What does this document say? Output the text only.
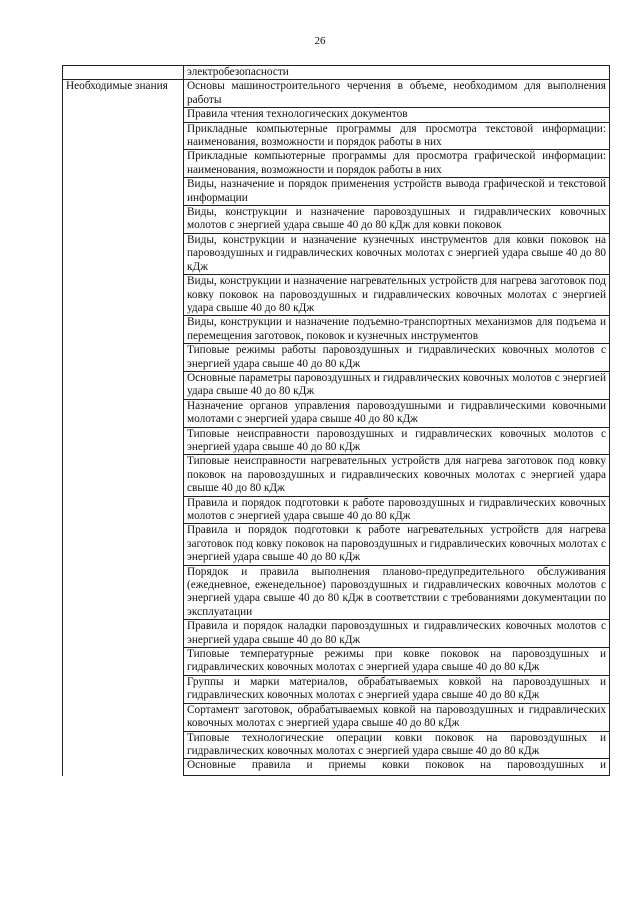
26
	электробезопасности
Необходимые знания	Основы машиностроительного черчения в объеме, необходимом для выполнения работы
	Правила чтения технологических документов
	Прикладные компьютерные программы для просмотра текстовой информации: наименования, возможности и порядок работы в них
	Прикладные компьютерные программы для просмотра графической информации: наименования, возможности и порядок работы в них
	Виды, назначение и порядок применения устройств вывода графической и текстовой информации
	Виды, конструкции и назначение паровоздушных и гидравлических ковочных молотов с энергией удара свыше 40 до 80 кДж для ковки поковок
	Виды, конструкции и назначение кузнечных инструментов для ковки поковок на паровоздушных и гидравлических ковочных молотах с энергией удара свыше 40 до 80 кДж
	Виды, конструкции и назначение нагревательных устройств для нагрева заготовок под ковку поковок на паровоздушных и гидравлических ковочных молотах с энергией удара свыше 40 до 80 кДж
	Виды, конструкции и назначение подъемно-транспортных механизмов для подъема и перемещения заготовок, поковок и кузнечных инструментов
	Типовые режимы работы паровоздушных и гидравлических ковочных молотов с энергией удара свыше 40 до 80 кДж
	Основные параметры паровоздушных и гидравлических ковочных молотов с энергией удара свыше 40 до 80 кДж
	Назначение органов управления паровоздушными и гидравлическими ковочными молотами с энергией удара свыше 40 до 80 кДж
	Типовые неисправности паровоздушных и гидравлических ковочных молотов с энергией удара свыше 40 до 80 кДж
	Типовые неисправности нагревательных устройств для нагрева заготовок под ковку поковок на паровоздушных и гидравлических ковочных молотах с энергией удара свыше 40 до 80 кДж
	Правила и порядок подготовки к работе паровоздушных и гидравлических ковочных молотов с энергией удара свыше 40 до 80 кДж
	Правила и порядок подготовки к работе нагревательных устройств для нагрева заготовок под ковку поковок на паровоздушных и гидравлических ковочных молотах с энергией удара свыше 40 до 80 кДж
	Порядок и правила выполнения планово-предупредительного обслуживания (ежедневное, еженедельное) паровоздушных и гидравлических ковочных молотов с энергией удара свыше 40 до 80 кДж в соответствии с требованиями документации по эксплуатации
	Правила и порядок наладки паровоздушных и гидравлических ковочных молотов с энергией удара свыше 40 до 80 кДж
	Типовые температурные режимы при ковке поковок на паровоздушных и гидравлических ковочных молотах с энергией удара свыше 40 до 80 кДж
	Группы и марки материалов, обрабатываемых ковкой на паровоздушных и гидравлических ковочных молотах с энергией удара свыше 40 до 80 кДж
	Сортамент заготовок, обрабатываемых ковкой на паровоздушных и гидравлических ковочных молотах с энергией удара свыше 40 до 80 кДж
	Типовые технологические операции ковки поковок на паровоздушных и гидравлических ковочных молотах с энергией удара свыше 40 до 80 кДж
	Основные правила и приемы ковки поковок на паровоздушных и
